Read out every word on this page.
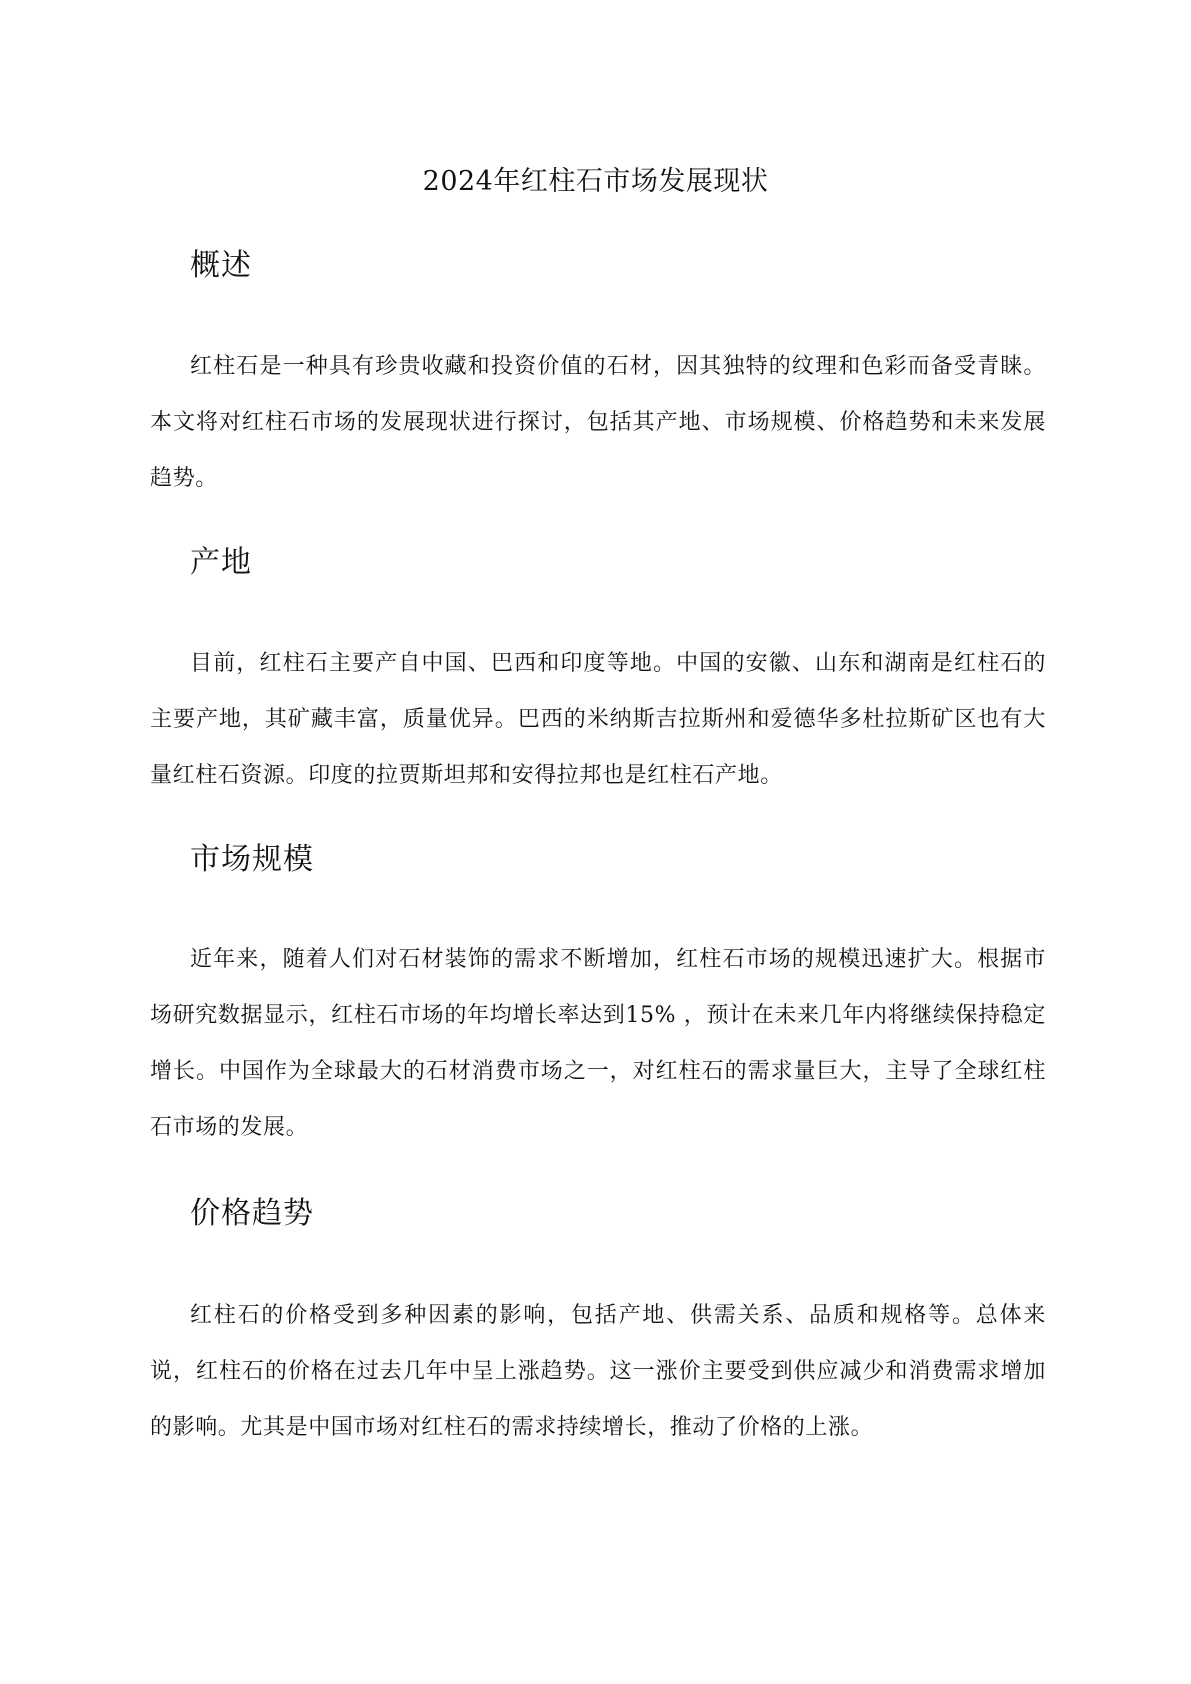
2024年红柱石市场发展现状
概述

红柱石是一种具有珍贵收藏和投资价值的石材，因其独特的纹理和色彩而备受青睐。本文将对红柱石市场的发展现状进行探讨，包括其产地、市场规模、价格趋势和未来发展趋势。

产地

目前，红柱石主要产自中国、巴西和印度等地。中国的安徽、山东和湖南是红柱石的主要产地，其矿藏丰富，质量优异。巴西的米纳斯吉拉斯州和爱德华多杜拉斯矿区也有大量红柱石资源。印度的拉贾斯坦邦和安得拉邦也是红柱石产地。

市场规模

近年来，随着人们对石材装饰的需求不断增加，红柱石市场的规模迅速扩大。根据市场研究数据显示，红柱石市场的年均增长率达到15% ，预计在未来几年内将继续保持稳定增长。中国作为全球最大的石材消费市场之一，对红柱石的需求量巨大，主导了全球红柱石市场的发展。

价格趋势

红柱石的价格受到多种因素的影响，包括产地、供需关系、品质和规格等。总体来说，红柱石的价格在过去几年中呈上涨趋势。这一涨价主要受到供应减少和消费需求增加的影响。尤其是中国市场对红柱石的需求持续增长，推动了价格的上涨。
